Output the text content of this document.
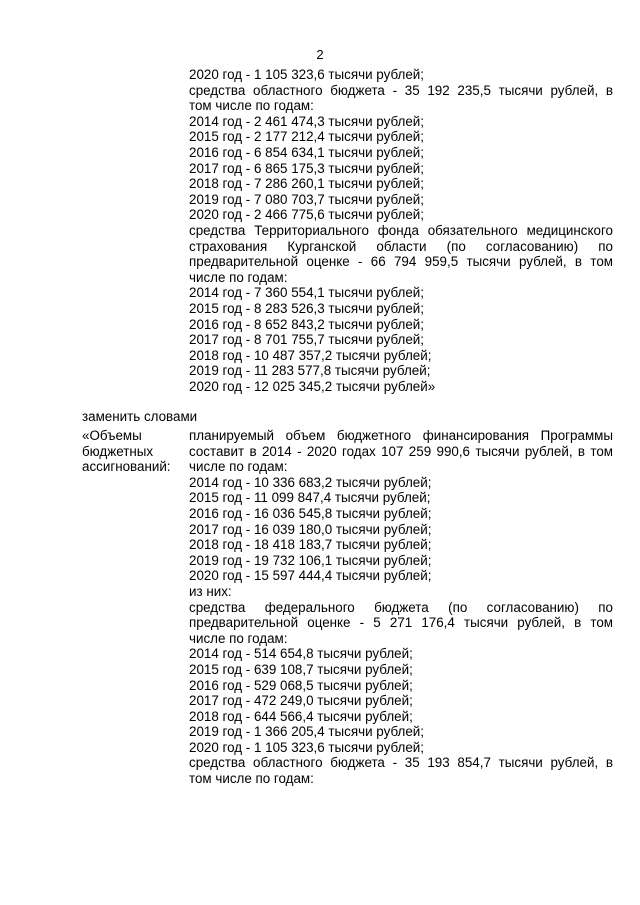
2
2020 год - 1 105 323,6 тысячи рублей;
средства областного бюджета - 35 192 235,5 тысячи рублей, в
том числе по годам:
2014 год - 2 461 474,3 тысячи рублей;
2015 год - 2 177 212,4 тысячи рублей;
2016 год - 6 854 634,1 тысячи рублей;
2017 год - 6 865 175,3 тысячи рублей;
2018 год - 7 286 260,1 тысячи рублей;
2019 год - 7 080 703,7 тысячи рублей;
2020 год - 2 466 775,6 тысячи рублей;
средства Территориального фонда обязательного медицинского
страхования Курганской области (по согласованию) по
предварительной оценке - 66 794 959,5 тысячи рублей, в том
числе по годам:
2014 год - 7 360 554,1 тысячи рублей;
2015 год - 8 283 526,3 тысячи рублей;
2016 год - 8 652 843,2 тысячи рублей;
2017 год - 8 701 755,7 тысячи рублей;
2018 год - 10 487 357,2 тысячи рублей;
2019 год - 11 283 577,8 тысячи рублей;
2020 год - 12 025 345,2 тысячи рублей»
заменить словами
«Объемы
бюджетных
ассигнований:
планируемый объем бюджетного финансирования Программы
составит в 2014 - 2020 годах 107 259 990,6 тысячи рублей, в том
числе по годам:
2014 год - 10 336 683,2 тысячи рублей;
2015 год - 11 099 847,4 тысячи рублей;
2016 год - 16 036 545,8 тысячи рублей;
2017 год - 16 039 180,0 тысячи рублей;
2018 год - 18 418 183,7 тысячи рублей;
2019 год - 19 732 106,1 тысячи рублей;
2020 год - 15 597 444,4 тысячи рублей;
из них:
средства федерального бюджета (по согласованию) по
предварительной оценке - 5 271 176,4 тысячи рублей, в том
числе по годам:
2014 год - 514 654,8 тысячи рублей;
2015 год - 639 108,7 тысячи рублей;
2016 год - 529 068,5 тысячи рублей;
2017 год - 472 249,0 тысячи рублей;
2018 год - 644 566,4 тысячи рублей;
2019 год - 1 366 205,4 тысячи рублей;
2020 год - 1 105 323,6 тысячи рублей;
средства областного бюджета - 35 193 854,7 тысячи рублей, в
том числе по годам:
